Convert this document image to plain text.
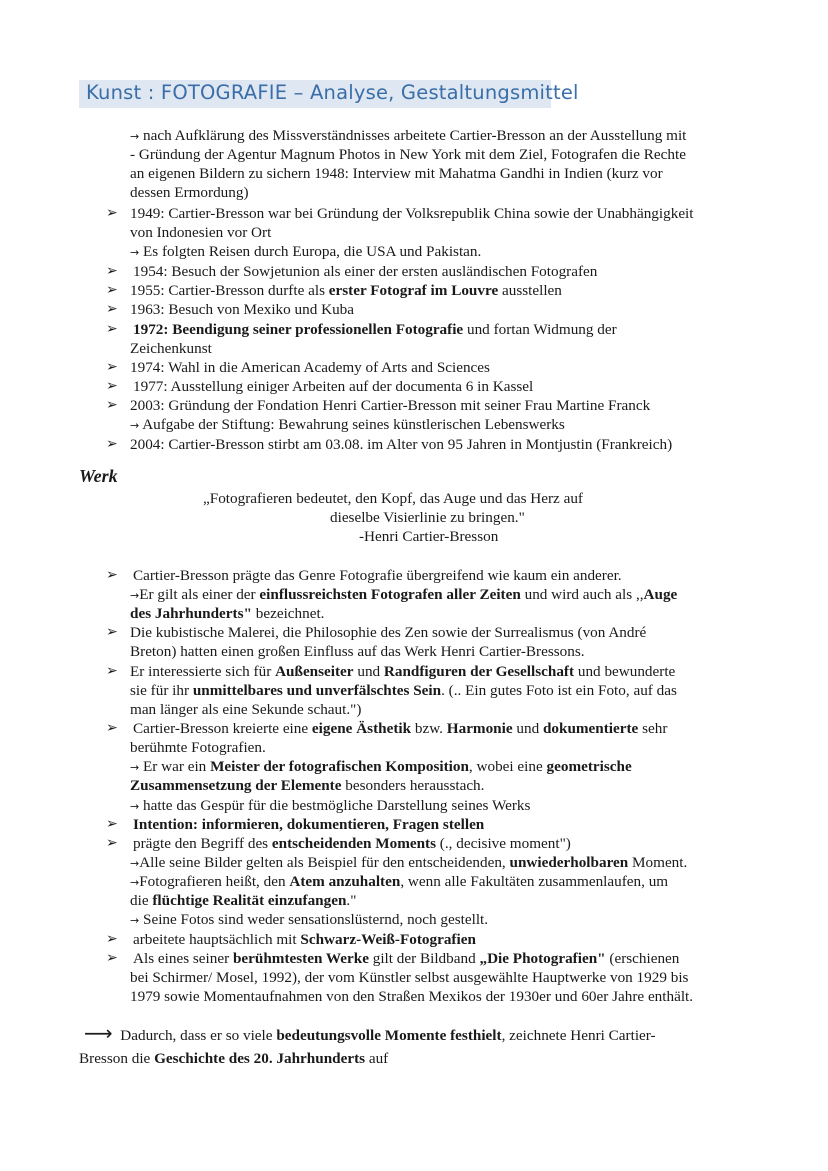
Kunst : FOTOGRAFIE – Analyse, Gestaltungsmittel
→ nach Aufklärung des Missverständnisses arbeitete Cartier-Bresson an der Ausstellung mit
- Gründung der Agentur Magnum Photos in New York mit dem Ziel, Fotografen die Rechte
an eigenen Bildern zu sichern 1948: Interview mit Mahatma Gandhi in Indien (kurz vor
dessen Ermordung)
➢ 1949: Cartier-Bresson war bei Gründung der Volksrepublik China sowie der Unabhängigkeit
von Indonesien vor Ort
→ Es folgten Reisen durch Europa, die USA und Pakistan.
➢ 1954: Besuch der Sowjetunion als einer der ersten ausländischen Fotografen
➢ 1955: Cartier-Bresson durfte als erster Fotograf im Louvre ausstellen
➢ 1963: Besuch von Mexiko und Kuba
➢ 1972: Beendigung seiner professionellen Fotografie und fortan Widmung der
Zeichenkunst
➢ 1974: Wahl in die American Academy of Arts and Sciences
➢ 1977: Ausstellung einiger Arbeiten auf der documenta 6 in Kassel
➢ 2003: Gründung der Fondation Henri Cartier-Bresson mit seiner Frau Martine Franck
→ Aufgabe der Stiftung: Bewahrung seines künstlerischen Lebenswerks
➢ 2004: Cartier-Bresson stirbt am 03.08. im Alter von 95 Jahren in Montjustin (Frankreich)
Werk
„Fotografieren bedeutet, den Kopf, das Auge und das Herz auf
dieselbe Visierlinie zu bringen."
-Henri Cartier-Bresson
➢ Cartier-Bresson prägte das Genre Fotografie übergreifend wie kaum ein anderer.
→Er gilt als einer der einflussreichsten Fotografen aller Zeiten und wird auch als ,,Auge
des Jahrhunderts" bezeichnet.
➢ Die kubistische Malerei, die Philosophie des Zen sowie der Surrealismus (von André
Breton) hatten einen großen Einfluss auf das Werk Henri Cartier-Bressons.
➢ Er interessierte sich für Außenseiter und Randfiguren der Gesellschaft und bewunderte
sie für ihr unmittelbares und unverfälschtes Sein. (.. Ein gutes Foto ist ein Foto, auf das
man länger als eine Sekunde schaut.")
➢ Cartier-Bresson kreierte eine eigene Ästhetik bzw. Harmonie und dokumentierte sehr
berühmte Fotografien.
→ Er war ein Meister der fotografischen Komposition, wobei eine geometrische
Zusammensetzung der Elemente besonders herausstach.
→ hatte das Gespür für die bestmögliche Darstellung seines Werks
➢ Intention: informieren, dokumentieren, Fragen stellen
➢ prägte den Begriff des entscheidenden Moments (., decisive moment")
→Alle seine Bilder gelten als Beispiel für den entscheidenden, unwiederholbaren Moment.
→Fotografieren heißt, den Atem anzuhalten, wenn alle Fakultäten zusammenlaufen, um
die flüchtige Realität einzufangen."
→ Seine Fotos sind weder sensationslüsternd, noch gestellt.
➢ arbeitete hauptsächlich mit Schwarz-Weiß-Fotografien
➢ Als eines seiner berühmtesten Werke gilt der Bildband „Die Photografien" (erschienen
bei Schirmer/ Mosel, 1992), der vom Künstler selbst ausgewählte Hauptwerke von 1929 bis
1979 sowie Momentaufnahmen von den Straßen Mexikos der 1930er und 60er Jahre enthält.
⟶ Dadurch, dass er so viele bedeutungsvolle Momente festhielt, zeichnete Henri Cartier-
Bresson die Geschichte des 20. Jahrhunderts auf
